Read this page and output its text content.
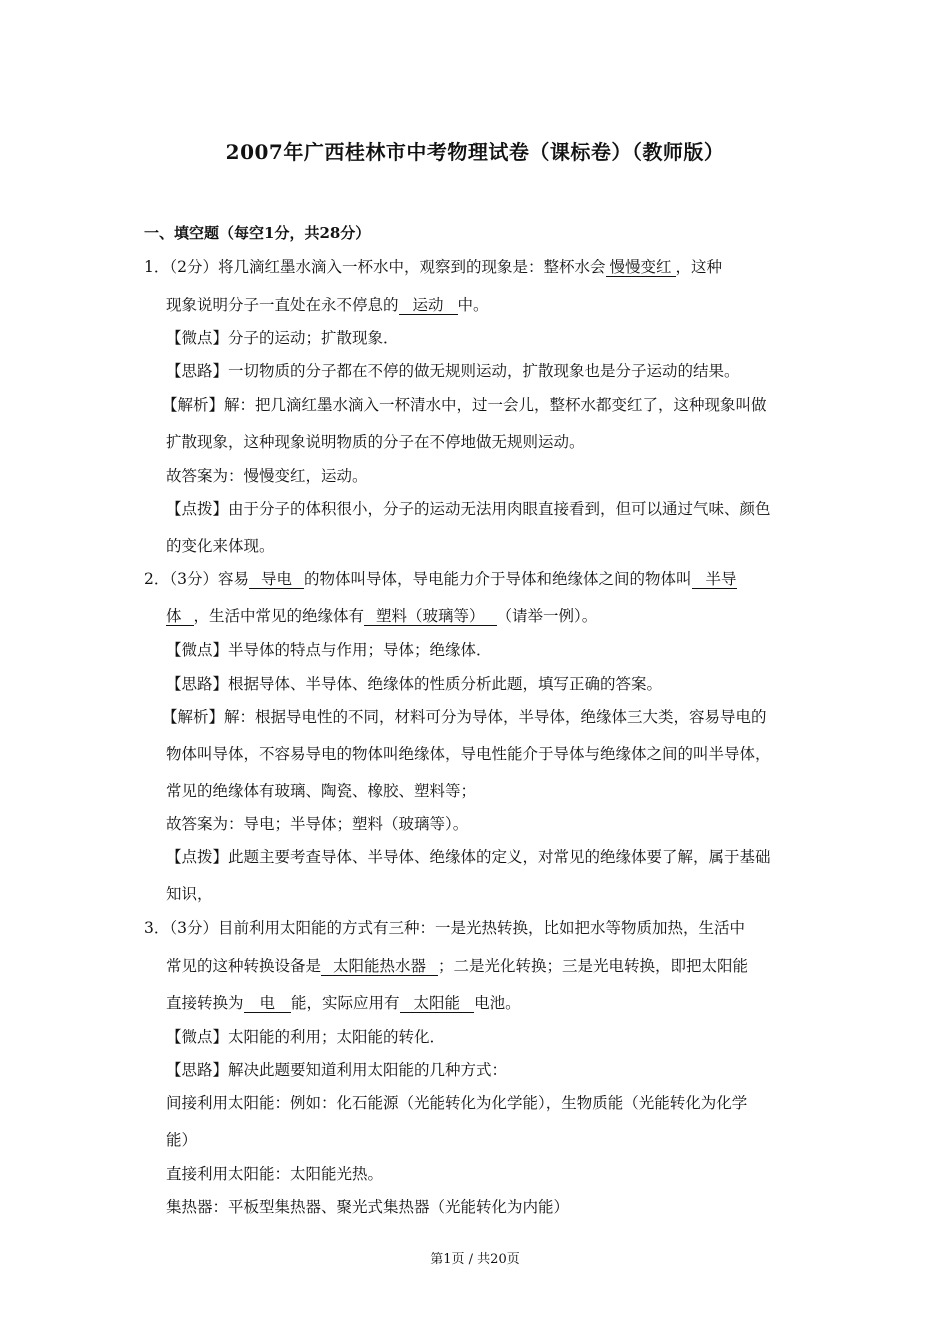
2007年广西桂林市中考物理试卷（课标卷）（教师版）
一、填空题（每空1分，共28分）
1．（2分）将几滴红墨水滴入一杯水中，观察到的现象是：整杯水会 慢慢变红 ，这种
现象说明分子一直处在永不停息的 运动 中。
【微点】分子的运动；扩散现象．
【思路】一切物质的分子都在不停的做无规则运动，扩散现象也是分子运动的结果。
【解析】解：把几滴红墨水滴入一杯清水中，过一会儿，整杯水都变红了，这种现象叫做
扩散现象，这种现象说明物质的分子在不停地做无规则运动。
故答案为：慢慢变红，运动。
【点拨】由于分子的体积很小，分子的运动无法用肉眼直接看到，但可以通过气味、颜色
的变化来体现。
2．（3分）容易 导电 的物体叫导体，导电能力介于导体和绝缘体之间的物体叫 半导
体 ，生活中常见的绝缘体有 塑料（玻璃等） （请举一例）。
【微点】半导体的特点与作用；导体；绝缘体．
【思路】根据导体、半导体、绝缘体的性质分析此题，填写正确的答案。
【解析】解：根据导电性的不同，材料可分为导体，半导体，绝缘体三大类，容易导电的
物体叫导体，不容易导电的物体叫绝缘体，导电性能介于导体与绝缘体之间的叫半导体，
常见的绝缘体有玻璃、陶瓷、橡胶、塑料等；
故答案为：导电；半导体；塑料（玻璃等）。
【点拨】此题主要考查导体、半导体、绝缘体的定义，对常见的绝缘体要了解，属于基础
知识，
3．（3分）目前利用太阳能的方式有三种：一是光热转换，比如把水等物质加热，生活中
常见的这种转换设备是 太阳能热水器 ；二是光化转换；三是光电转换，即把太阳能
直接转换为 电 能，实际应用有 太阳能 电池。
【微点】太阳能的利用；太阳能的转化．
【思路】解决此题要知道利用太阳能的几种方式：
间接利用太阳能：例如：化石能源（光能转化为化学能），生物质能（光能转化为化学
能）
直接利用太阳能：太阳能光热。
集热器：平板型集热器、聚光式集热器（光能转化为内能）
第1页 / 共20页
